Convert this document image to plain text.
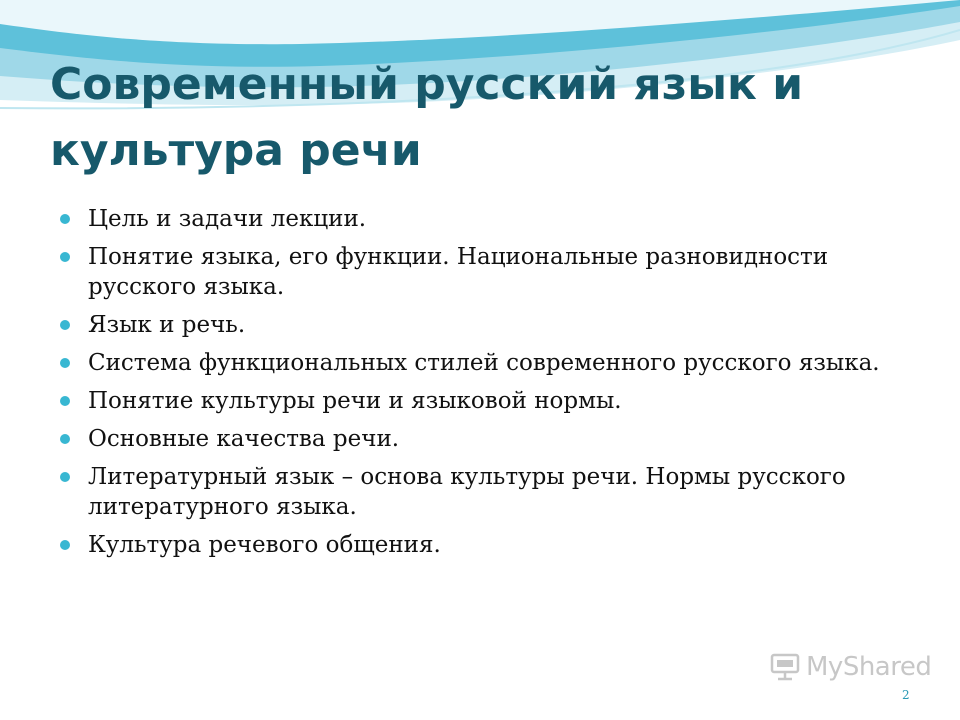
Современный русский язык и культура речи
Цель и задачи лекции.
Понятие языка, его функции. Национальные разновидности русского языка.
Язык и речь.
Система функциональных стилей современного русского языка.
Понятие культуры речи и языковой нормы.
Основные качества речи.
Литературный язык – основа культуры речи. Нормы русского литературного языка.
Культура речевого общения.
MyShared
2
